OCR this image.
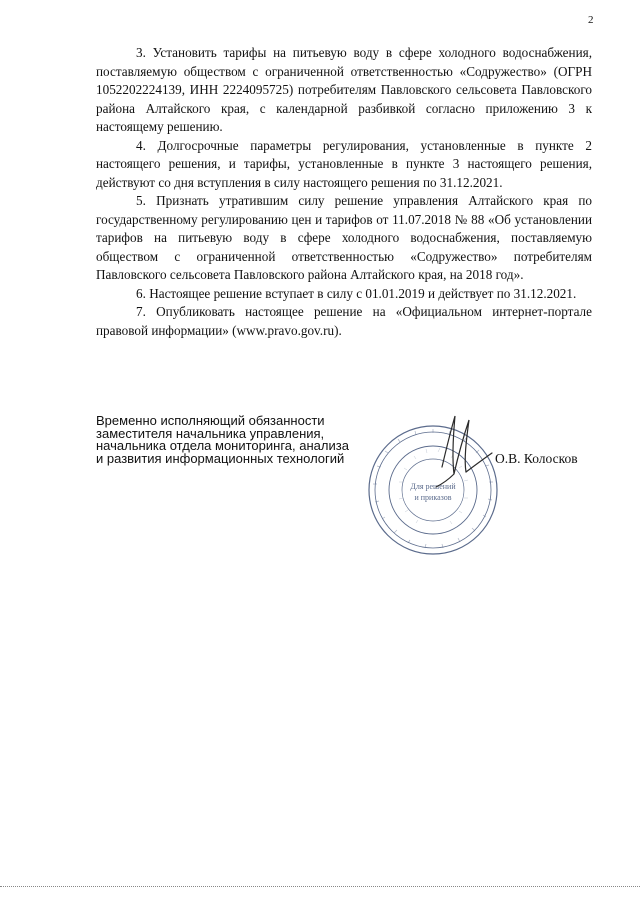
2

3. Установить тарифы на питьевую воду в сфере холодного водоснабжения, поставляемую обществом с ограниченной ответственностью «Содружество» (ОГРН 1052202224139, ИНН 2224095725) потребителям Павловского сельсовета Павловского района Алтайского края, с календарной разбивкой согласно приложению 3 к настоящему решению.

4. Долгосрочные параметры регулирования, установленные в пункте 2 настоящего решения, и тарифы, установленные в пункте 3 настоящего решения, действуют со дня вступления в силу настоящего решения по 31.12.2021.

5. Признать утратившим силу решение управления Алтайского края по государственному регулированию цен и тарифов от 11.07.2018 № 88 «Об установлении тарифов на питьевую воду в сфере холодного водоснабжения, поставляемую обществом с ограниченной ответственностью «Содружество» потребителям Павловского сельсовета Павловского района Алтайского края, на 2018 год».

6. Настоящее решение вступает в силу с 01.01.2019 и действует по 31.12.2021.

7. Опубликовать настоящее решение на «Официальном интернет-портале правовой информации» (www.pravo.gov.ru).

Временно исполняющий обязанности
заместителя начальника управления,
начальника отдела мониторинга, анализа
и развития информационных технологий
Для решений
и приказов
О.В. Колосков
